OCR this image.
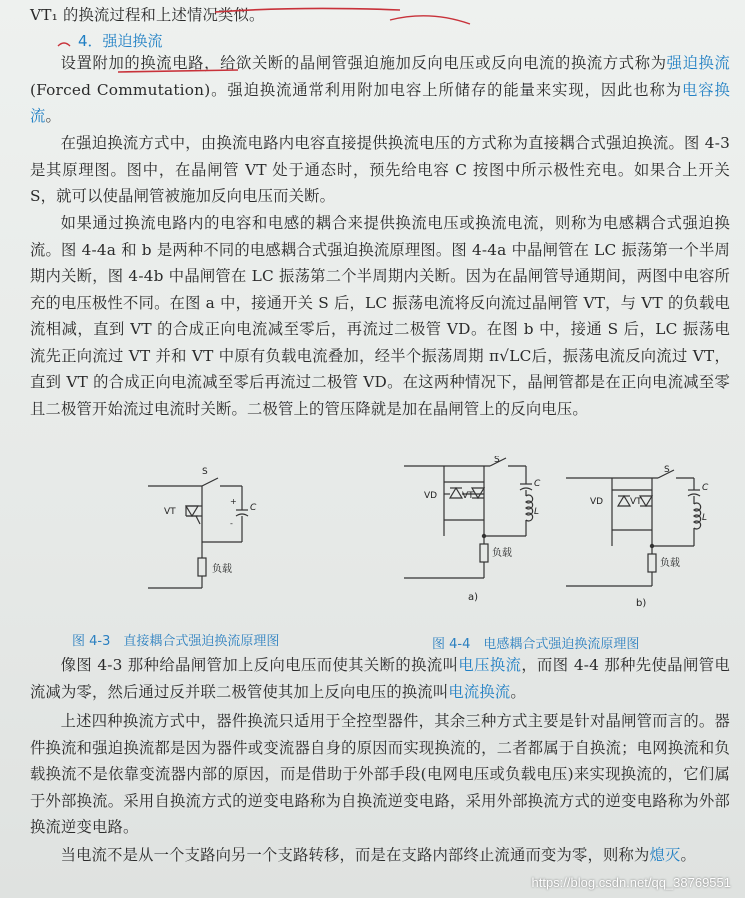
VT₁ 的换流过程和上述情况类似。
4．强迫换流
设置附加的换流电路，给欲关断的晶闸管强迫施加反向电压或反向电流的换流方式称为强迫换流(Forced Commutation)。强迫换流通常利用附加电容上所储存的能量来实现，因此也称为电容换流。
在强迫换流方式中，由换流电路内电容直接提供换流电压的方式称为直接耦合式强迫换流。图 4-3 是其原理图。图中，在晶闸管 VT 处于通态时，预先给电容 C 按图中所示极性充电。如果合上开关 S，就可以使晶闸管被施加反向电压而关断。
如果通过换流电路内的电容和电感的耦合来提供换流电压或换流电流，则称为电感耦合式强迫换流。图 4-4a 和 b 是两种不同的电感耦合式强迫换流原理图。图 4-4a 中晶闸管在 LC 振荡第一个半周期内关断，图 4-4b 中晶闸管在 LC 振荡第二个半周期内关断。因为在晶闸管导通期间，两图中电容所充的电压极性不同。在图 a 中，接通开关 S 后，LC 振荡电流将反向流过晶闸管 VT，与 VT 的负载电流相减，直到 VT 的合成正向电流减至零后，再流过二极管 VD。在图 b 中，接通 S 后，LC 振荡电流先正向流过 VT 并和 VT 中原有负载电流叠加，经半个振荡周期 π√LC后，振荡电流反向流过 VT，直到 VT 的合成正向电流减至零后再流过二极管 VD。在这两种情况下，晶闸管都是在正向电流减至零且二极管开始流过电流时关断。二极管上的管压降就是加在晶闸管上的反向电压。
S
VT	C
+
-
负载
S
VD	VT
C
L
负载
a)
S
VD	VT
C
L
负载
b)
图 4-3　直接耦合式强迫换流原理图	图 4-4　电感耦合式强迫换流原理图
像图 4-3 那种给晶闸管加上反向电压而使其关断的换流叫电压换流，而图 4-4 那种先使晶闸管电流减为零，然后通过反并联二极管使其加上反向电压的换流叫电流换流。
上述四种换流方式中，器件换流只适用于全控型器件，其余三种方式主要是针对晶闸管而言的。器件换流和强迫换流都是因为器件或变流器自身的原因而实现换流的，二者都属于自换流；电网换流和负载换流不是依靠变流器内部的原因，而是借助于外部手段(电网电压或负载电压)来实现换流的，它们属于外部换流。采用自换流方式的逆变电路称为自换流逆变电路，采用外部换流方式的逆变电路称为外部换流逆变电路。
当电流不是从一个支路向另一个支路转移，而是在支路内部终止流通而变为零，则称为熄灭。
https://blog.csdn.net/qq_38769551
